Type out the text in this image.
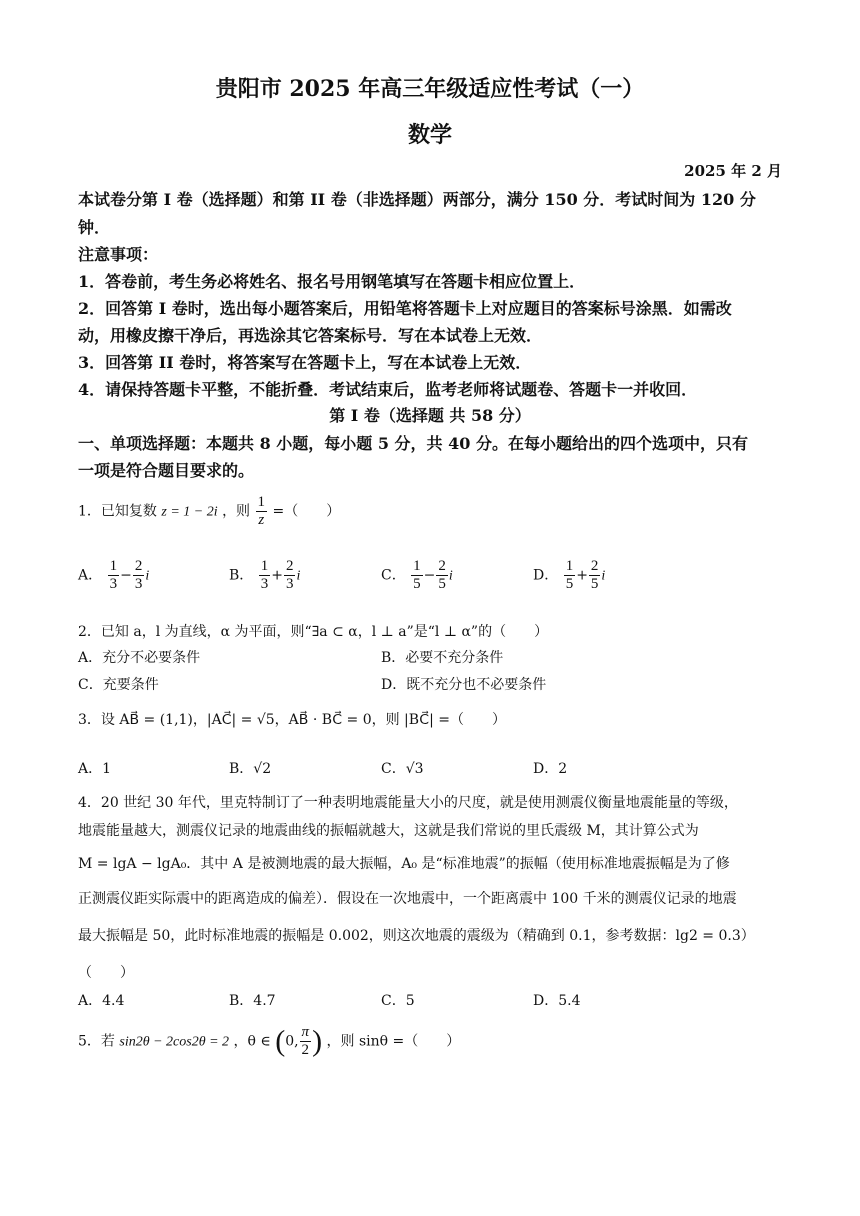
贵阳市 2025 年高三年级适应性考试（一）
数学
2025 年 2 月
本试卷分第 I 卷（选择题）和第 II 卷（非选择题）两部分，满分 150 分．考试时间为 120 分
钟．
注意事项：
1．答卷前，考生务必将姓名、报名号用钢笔填写在答题卡相应位置上．
2．回答第 I 卷时，选出每小题答案后，用铅笔将答题卡上对应题目的答案标号涂黑．如需改
动，用橡皮擦干净后，再选涂其它答案标号．写在本试卷上无效．
3．回答第 II 卷时，将答案写在答题卡上，写在本试卷上无效．
4．请保持答题卡平整，不能折叠．考试结束后，监考老师将试题卷、答题卡一并收回．
第 I 卷（选择题 共 58 分）
一、单项选择题：本题共 8 小题，每小题 5 分，共 40 分。在每小题给出的四个选项中，只有
一项是符合题目要求的。
1．已知复数 z = 1 − 2i ，则 $\frac{1}{z}$ =（　　）
A． $\frac{1}{3} - \frac{2}{3}$ i	B． $\frac{1}{3} + \frac{2}{3}$ i	C． $\frac{1}{5} - \frac{2}{5}$ i	D． $\frac{1}{5} + \frac{2}{5}$ i
2．已知 a，l 为直线，α 为平面，则“∃a ⊂ α，l ⊥ a”是“l ⊥ α”的（　　）
A．充分不必要条件	B．必要不充分条件
C．充要条件	D．既不充分也不必要条件
3．设 AB⃗ = (1,1)，|AC⃗| = √5，AB⃗ · BC⃗ = 0，则 |BC⃗| =（　　）
A．1	B．√2	C．√3	D．2
4．20 世纪 30 年代，里克特制订了一种表明地震能量大小的尺度，就是使用测震仪衡量地震能量的等级，
地震能量越大，测震仪记录的地震曲线的振幅就越大，这就是我们常说的里氏震级 M，其计算公式为
M = lgA − lgA₀．其中 A 是被测地震的最大振幅，A₀ 是“标准地震”的振幅（使用标准地震振幅是为了修
正测震仪距实际震中的距离造成的偏差）．假设在一次地震中，一个距离震中 100 千米的测震仪记录的地震
最大振幅是 50，此时标准地震的振幅是 0.002，则这次地震的震级为（精确到 0.1，参考数据：lg2 = 0.3）
（　　）
A．4.4	B．4.7	C．5	D．5.4
5．若 sin2θ − 2cos2θ = 2 ，θ ∈ (0, $\frac{\pi}{2}$ ) ，则 sinθ =（　　）
